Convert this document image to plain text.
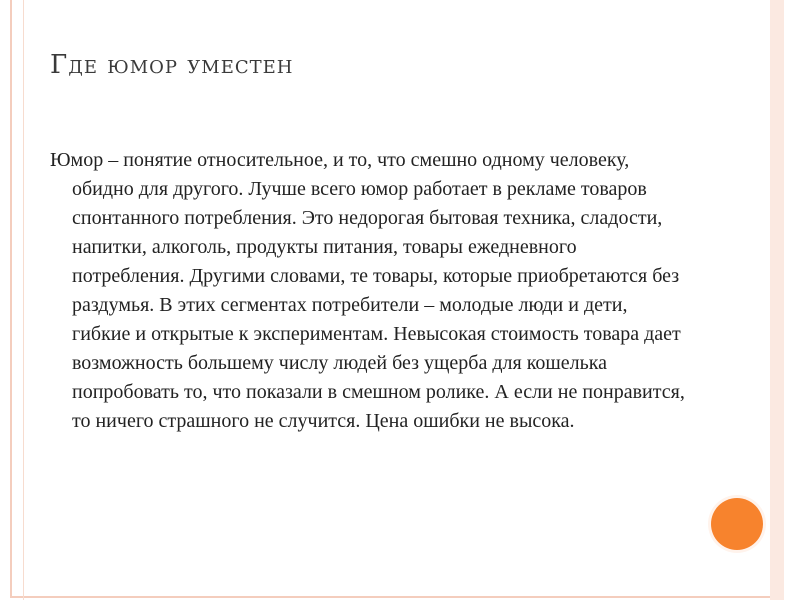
Где юмор уместен

Юмор – понятие относительное, и то, что смешно одному человеку, обидно для другого. Лучше всего юмор работает в рекламе товаров спонтанного потребления. Это недорогая бытовая техника, сладости, напитки, алкоголь, продукты питания, товары ежедневного потребления. Другими словами, те товары, которые приобретаются без раздумья. В этих сегментах потребители – молодые люди и дети, гибкие и открытые к экспериментам. Невысокая стоимость товара дает возможность большему числу людей без ущерба для кошелька попробовать то, что показали в смешном ролике. А если не понравится, то ничего страшного не случится. Цена ошибки не высока.
